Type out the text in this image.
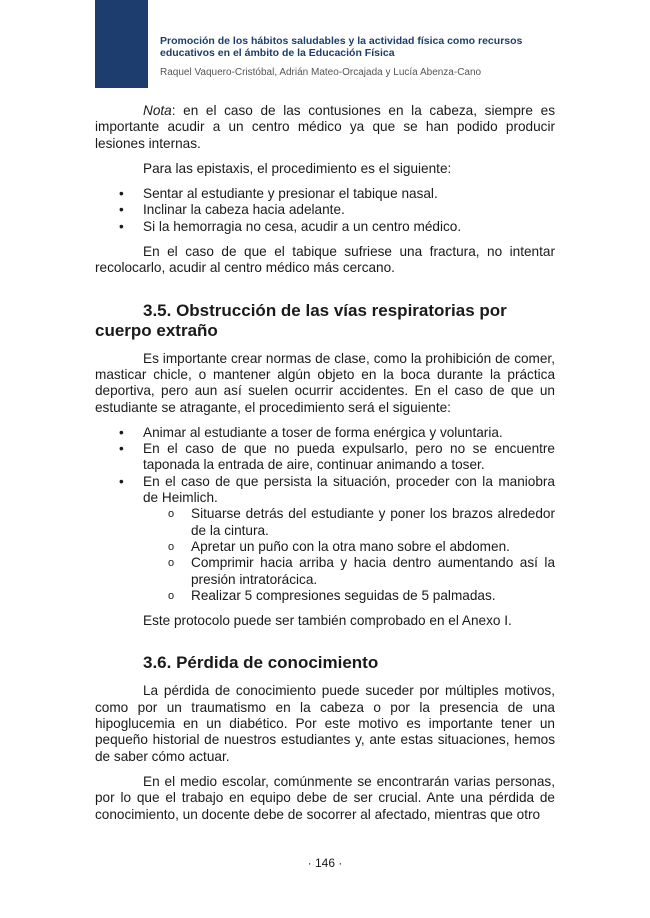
Promoción de los hábitos saludables y la actividad física como recursos educativos en el ámbito de la Educación Física
Raquel Vaquero-Cristóbal, Adrián Mateo-Orcajada y Lucía Abenza-Cano

Nota: en el caso de las contusiones en la cabeza, siempre es importante acudir a un centro médico ya que se han podido producir lesiones internas.

Para las epistaxis, el procedimiento es el siguiente:

• Sentar al estudiante y presionar el tabique nasal.
• Inclinar la cabeza hacia adelante.
• Si la hemorragia no cesa, acudir a un centro médico.

En el caso de que el tabique sufriese una fractura, no intentar recolocarlo, acudir al centro médico más cercano.

3.5. Obstrucción de las vías respiratorias por cuerpo extraño

Es importante crear normas de clase, como la prohibición de comer, masticar chicle, o mantener algún objeto en la boca durante la práctica deportiva, pero aun así suelen ocurrir accidentes. En el caso de que un estudiante se atragante, el procedimiento será el siguiente:

• Animar al estudiante a toser de forma enérgica y voluntaria.
• En el caso de que no pueda expulsarlo, pero no se encuentre taponada la entrada de aire, continuar animando a toser.
• En el caso de que persista la situación, proceder con la maniobra de Heimlich.
o Situarse detrás del estudiante y poner los brazos alrededor de la cintura.
o Apretar un puño con la otra mano sobre el abdomen.
o Comprimir hacia arriba y hacia dentro aumentando así la presión intratorácica.
o Realizar 5 compresiones seguidas de 5 palmadas.

Este protocolo puede ser también comprobado en el Anexo I.

3.6. Pérdida de conocimiento

La pérdida de conocimiento puede suceder por múltiples motivos, como por un traumatismo en la cabeza o por la presencia de una hipoglucemia en un diabético. Por este motivo es importante tener un pequeño historial de nuestros estudiantes y, ante estas situaciones, hemos de saber cómo actuar.

En el medio escolar, comúnmente se encontrarán varias personas, por lo que el trabajo en equipo debe de ser crucial. Ante una pérdida de conocimiento, un docente debe de socorrer al afectado, mientras que otro

· 146 ·
